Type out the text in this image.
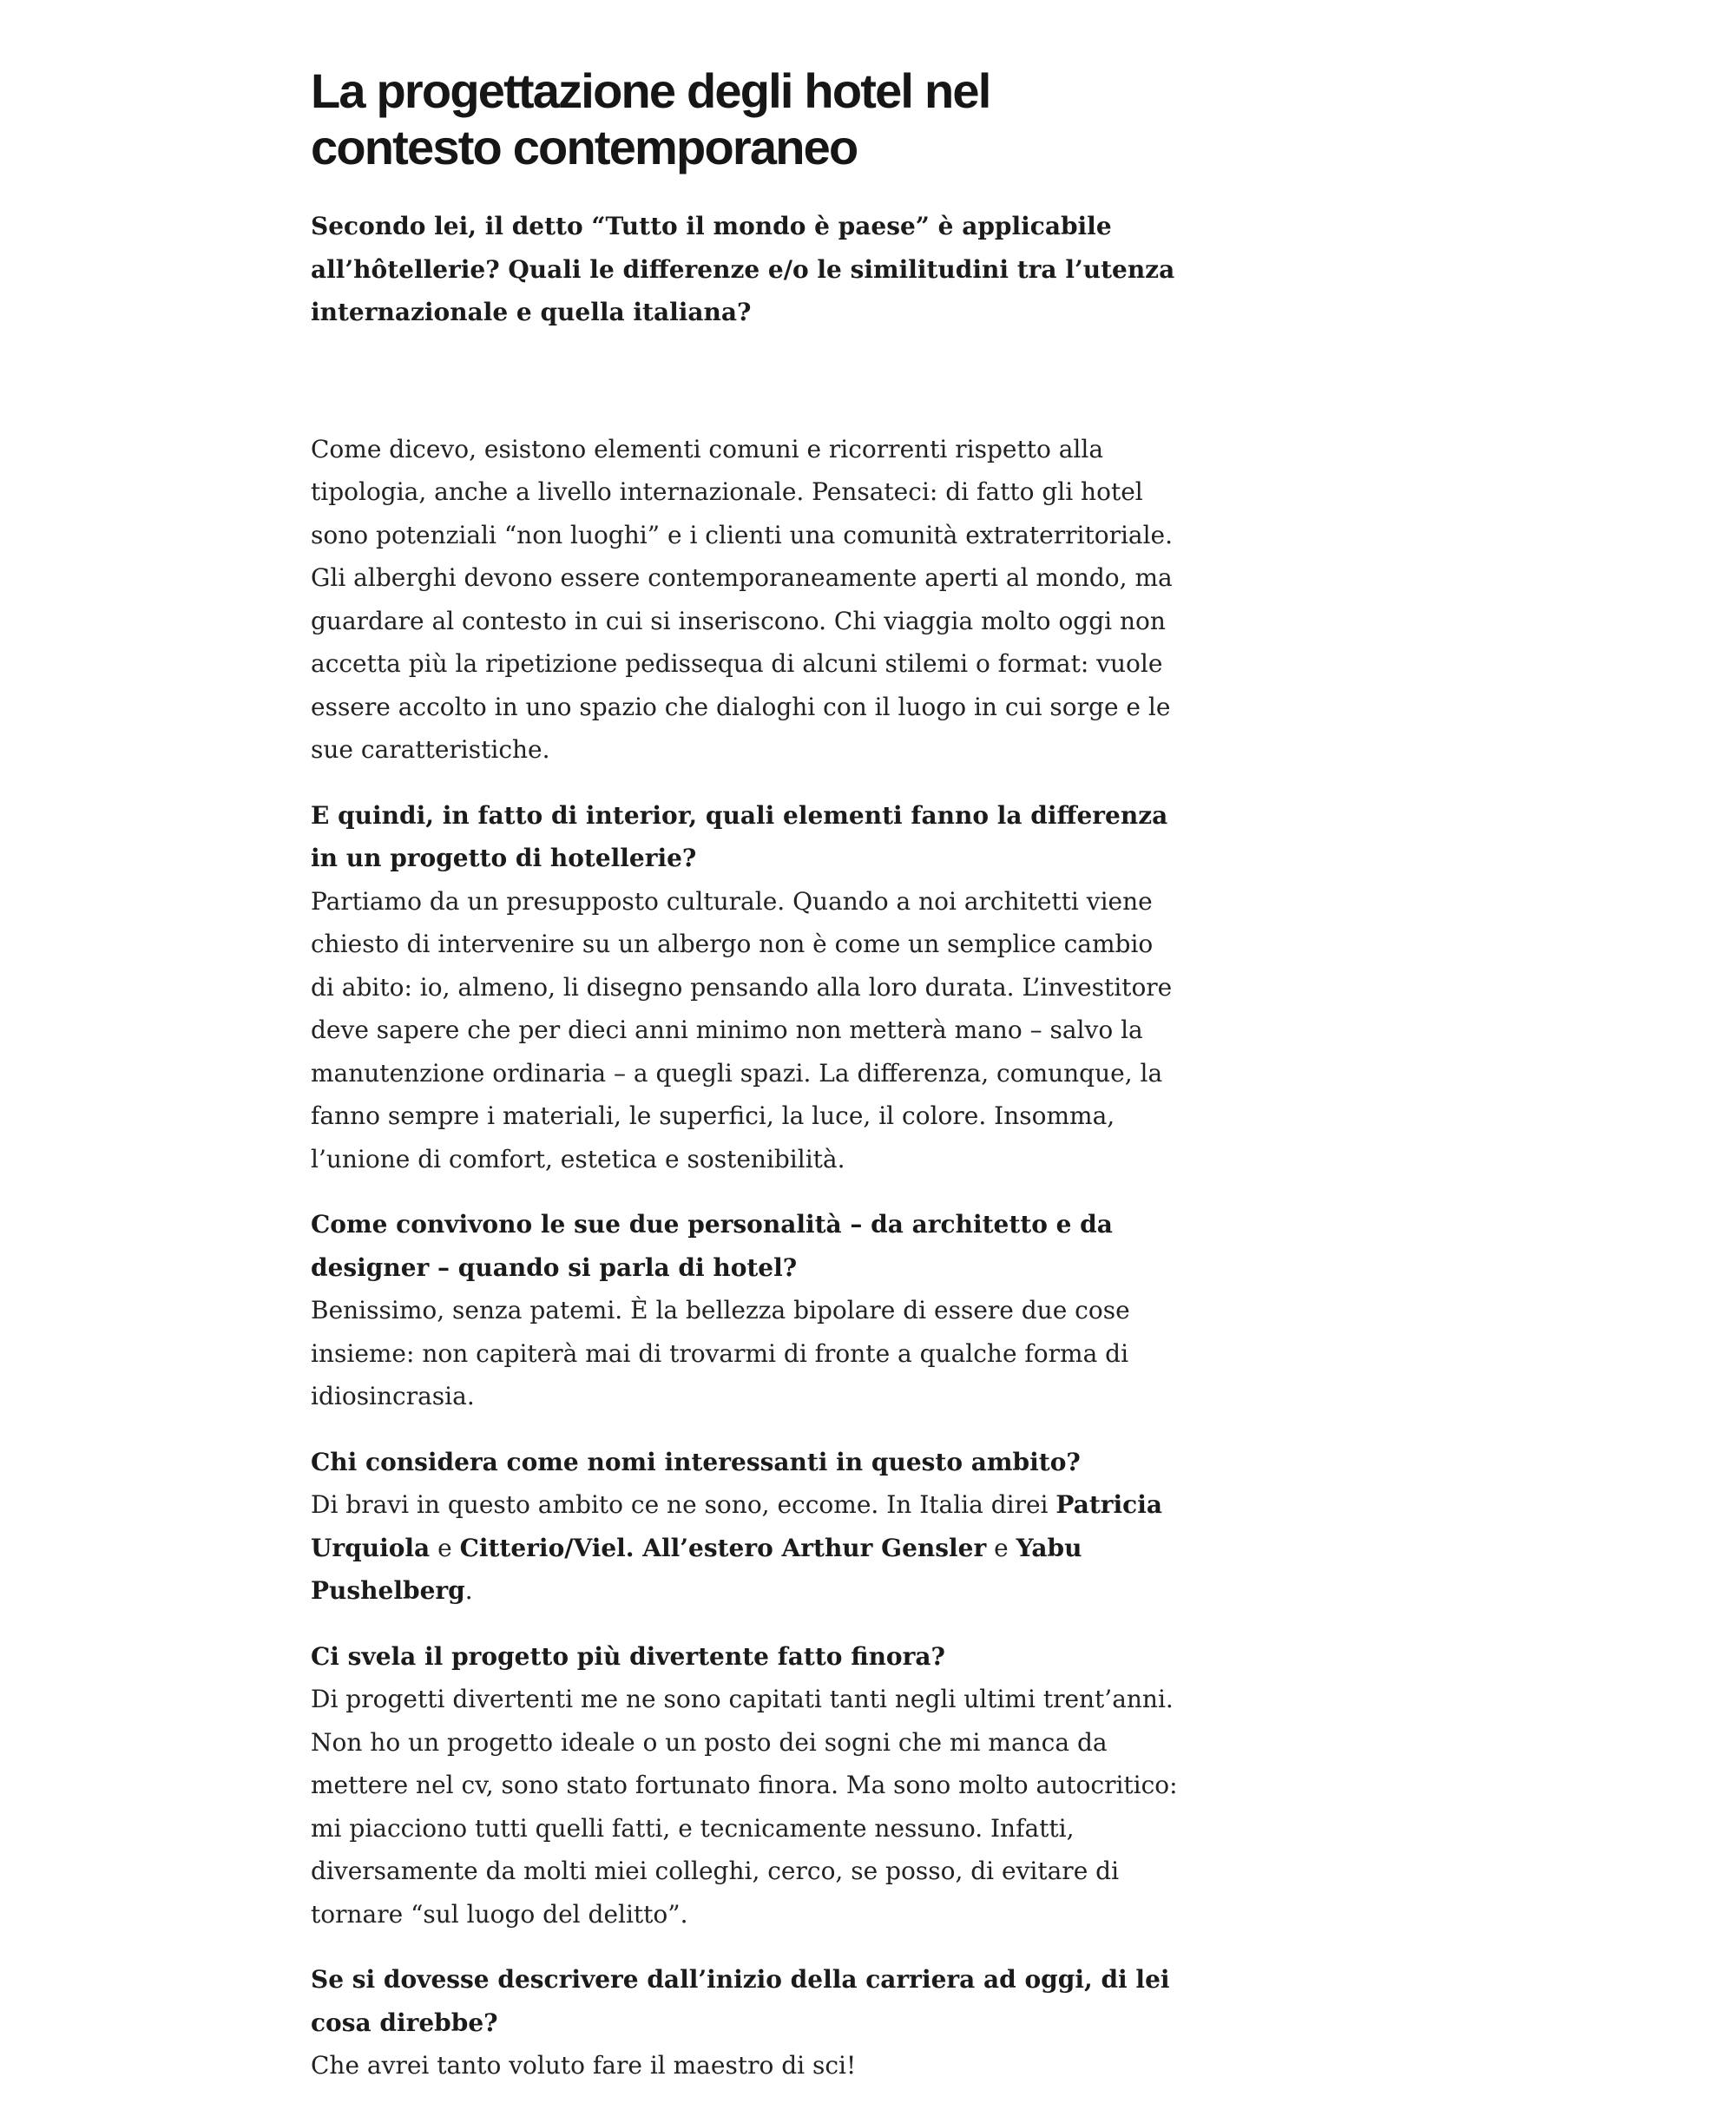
La progettazione degli hotel nel contesto contemporaneo

Secondo lei, il detto “Tutto il mondo è paese” è applicabile all’hôtellerie? Quali le differenze e/o le similitudini tra l’utenza internazionale e quella italiana?

Come dicevo, esistono elementi comuni e ricorrenti rispetto alla tipologia, anche a livello internazionale. Pensateci: di fatto gli hotel sono potenziali “non luoghi” e i clienti una comunità extraterritoriale. Gli alberghi devono essere contemporaneamente aperti al mondo, ma guardare al contesto in cui si inseriscono. Chi viaggia molto oggi non accetta più la ripetizione pedissequa di alcuni stilemi o format: vuole essere accolto in uno spazio che dialoghi con il luogo in cui sorge e le sue caratteristiche.

E quindi, in fatto di interior, quali elementi fanno la differenza in un progetto di hotellerie?

Partiamo da un presupposto culturale. Quando a noi architetti viene chiesto di intervenire su un albergo non è come un semplice cambio di abito: io, almeno, li disegno pensando alla loro durata. L’investitore deve sapere che per dieci anni minimo non metterà mano – salvo la manutenzione ordinaria – a quegli spazi. La differenza, comunque, la fanno sempre i materiali, le superfici, la luce, il colore. Insomma, l’unione di comfort, estetica e sostenibilità.

Come convivono le sue due personalità – da architetto e da designer – quando si parla di hotel?

Benissimo, senza patemi. È la bellezza bipolare di essere due cose insieme: non capiterà mai di trovarmi di fronte a qualche forma di idiosincrasia.

Chi considera come nomi interessanti in questo ambito?

Di bravi in questo ambito ce ne sono, eccome. In Italia direi Patricia Urquiola e Citterio/Viel. All’estero Arthur Gensler e Yabu Pushelberg.

Ci svela il progetto più divertente fatto finora?

Di progetti divertenti me ne sono capitati tanti negli ultimi trent’anni. Non ho un progetto ideale o un posto dei sogni che mi manca da mettere nel cv, sono stato fortunato finora. Ma sono molto autocritico: mi piacciono tutti quelli fatti, e tecnicamente nessuno. Infatti, diversamente da molti miei colleghi, cerco, se posso, di evitare di tornare “sul luogo del delitto”.

Se si dovesse descrivere dall’inizio della carriera ad oggi, di lei cosa direbbe?

Che avrei tanto voluto fare il maestro di sci!
